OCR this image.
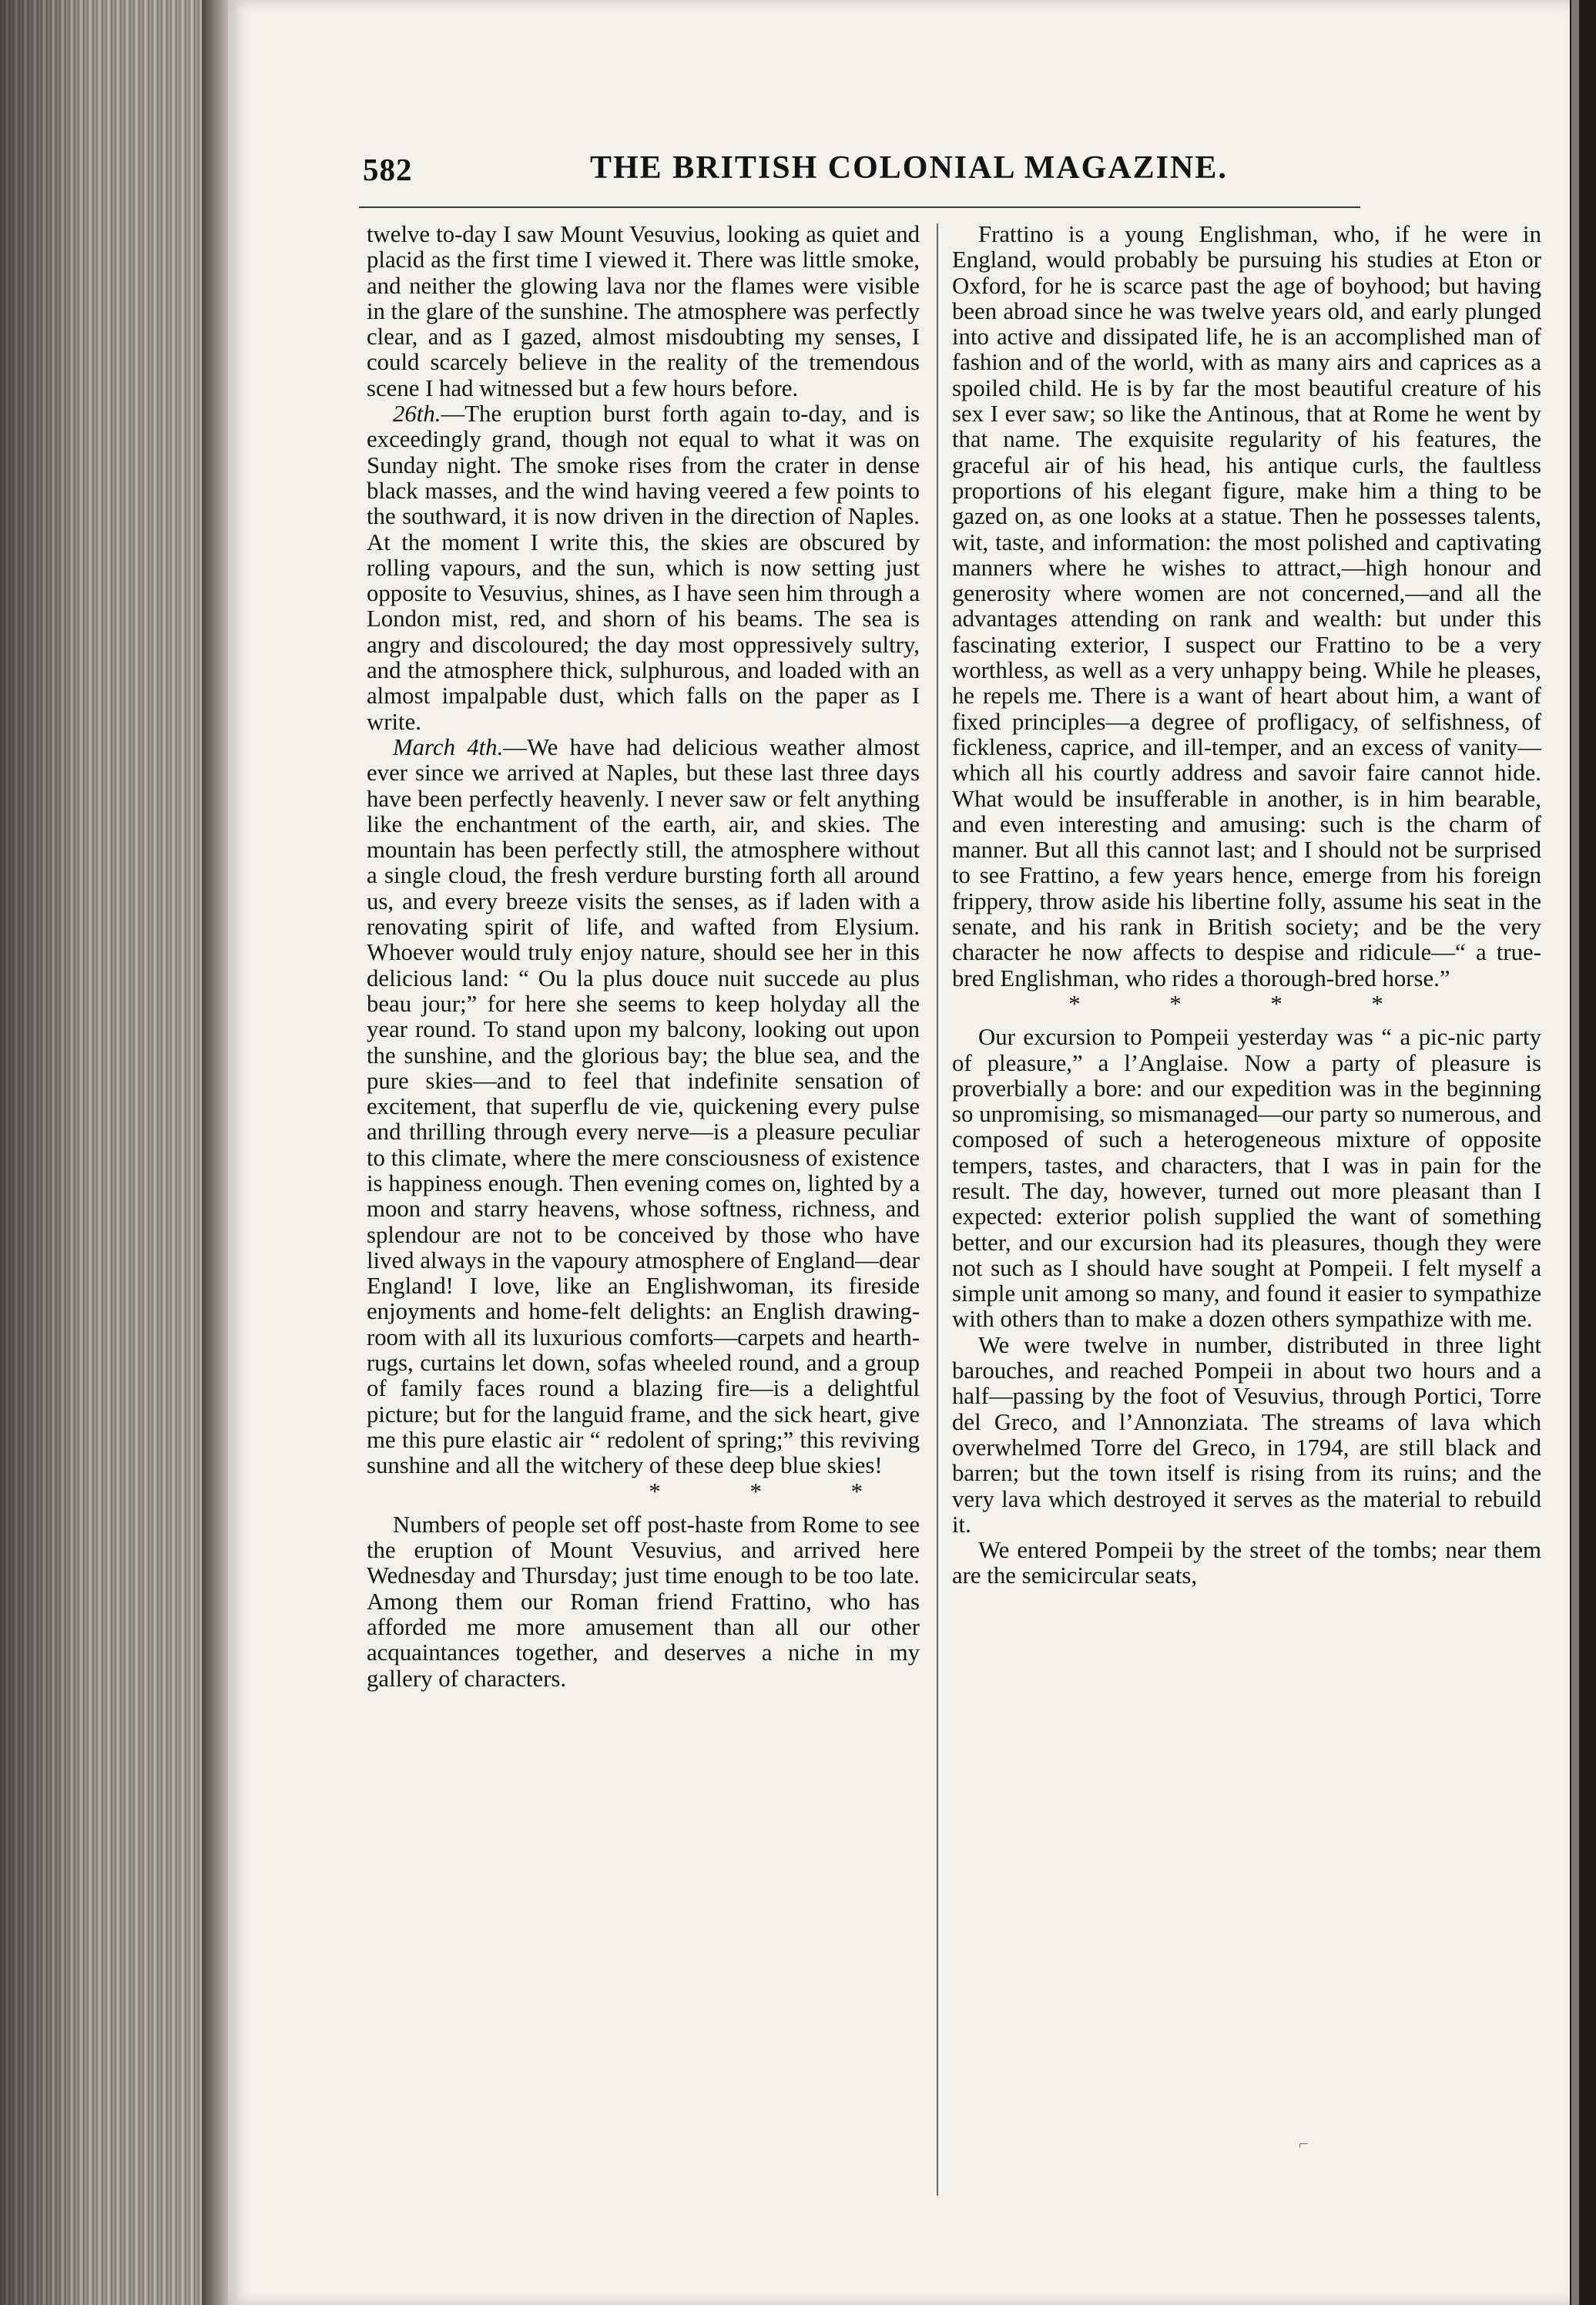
582	THE BRITISH COLONIAL MAGAZINE.

twelve to-day I saw Mount Vesuvius, looking as quiet and placid as the first time I viewed it. There was little smoke, and neither the glowing lava nor the flames were visible in the glare of the sunshine. The atmosphere was perfectly clear, and as I gazed, almost misdoubting my senses, I could scarcely believe in the reality of the tremendous scene I had witnessed but a few hours before.

26th.—The eruption burst forth again to-day, and is exceedingly grand, though not equal to what it was on Sunday night. The smoke rises from the crater in dense black masses, and the wind having veered a few points to the southward, it is now driven in the direction of Naples. At the moment I write this, the skies are obscured by rolling vapours, and the sun, which is now setting just opposite to Vesuvius, shines, as I have seen him through a London mist, red, and shorn of his beams. The sea is angry and discoloured; the day most oppressively sultry, and the atmosphere thick, sulphurous, and loaded with an almost impalpable dust, which falls on the paper as I write.

March 4th.—We have had delicious weather almost ever since we arrived at Naples, but these last three days have been perfectly heavenly. I never saw or felt anything like the enchantment of the earth, air, and skies. The mountain has been perfectly still, the atmosphere without a single cloud, the fresh verdure bursting forth all around us, and every breeze visits the senses, as if laden with a renovating spirit of life, and wafted from Elysium. Whoever would truly enjoy nature, should see her in this delicious land: “ Ou la plus douce nuit succede au plus beau jour;” for here she seems to keep holyday all the year round. To stand upon my balcony, looking out upon the sunshine, and the glorious bay; the blue sea, and the pure skies—and to feel that indefinite sensation of excitement, that superflu de vie, quickening every pulse and thrilling through every nerve—is a pleasure peculiar to this climate, where the mere consciousness of existence is happiness enough. Then evening comes on, lighted by a moon and starry heavens, whose softness, richness, and splendour are not to be conceived by those who have lived always in the vapoury atmosphere of England—dear England! I love, like an Englishwoman, its fireside enjoyments and home-felt delights: an English drawing-room with all its luxurious comforts—carpets and hearth-rugs, curtains let down, sofas wheeled round, and a group of family faces round a blazing fire—is a delightful picture; but for the languid frame, and the sick heart, give me this pure elastic air “ redolent of spring;” this reviving sunshine and all the witchery of these deep blue skies!

* * *

Numbers of people set off post-haste from Rome to see the eruption of Mount Vesuvius, and arrived here Wednesday and Thursday; just time enough to be too late. Among them our Roman friend Frattino, who has afforded me more amusement than all our other acquaintances together, and deserves a niche in my gallery of characters.

Frattino is a young Englishman, who, if he were in England, would probably be pursuing his studies at Eton or Oxford, for he is scarce past the age of boyhood; but having been abroad since he was twelve years old, and early plunged into active and dissipated life, he is an accomplished man of fashion and of the world, with as many airs and caprices as a spoiled child. He is by far the most beautiful creature of his sex I ever saw; so like the Antinous, that at Rome he went by that name. The exquisite regularity of his features, the graceful air of his head, his antique curls, the faultless proportions of his elegant figure, make him a thing to be gazed on, as one looks at a statue. Then he possesses talents, wit, taste, and information: the most polished and captivating manners where he wishes to attract,—high honour and generosity where women are not concerned,—and all the advantages attending on rank and wealth: but under this fascinating exterior, I suspect our Frattino to be a very worthless, as well as a very unhappy being. While he pleases, he repels me. There is a want of heart about him, a want of fixed principles—a degree of profligacy, of selfishness, of fickleness, caprice, and ill-temper, and an excess of vanity—which all his courtly address and savoir faire cannot hide. What would be insufferable in another, is in him bearable, and even interesting and amusing: such is the charm of manner. But all this cannot last; and I should not be surprised to see Frattino, a few years hence, emerge from his foreign frippery, throw aside his libertine folly, assume his seat in the senate, and his rank in British society; and be the very character he now affects to despise and ridicule—“ a true-bred Englishman, who rides a thorough-bred horse.”

* * * *

Our excursion to Pompeii yesterday was “ a pic-nic party of pleasure,” a l’Anglaise. Now a party of pleasure is proverbially a bore: and our expedition was in the beginning so unpromising, so mismanaged—our party so numerous, and composed of such a heterogeneous mixture of opposite tempers, tastes, and characters, that I was in pain for the result. The day, however, turned out more pleasant than I expected: exterior polish supplied the want of something better, and our excursion had its pleasures, though they were not such as I should have sought at Pompeii. I felt myself a simple unit among so many, and found it easier to sympathize with others than to make a dozen others sympathize with me.

We were twelve in number, distributed in three light barouches, and reached Pompeii in about two hours and a half—passing by the foot of Vesuvius, through Portici, Torre del Greco, and l’Annonziata. The streams of lava which overwhelmed Torre del Greco, in 1794, are still black and barren; but the town itself is rising from its ruins; and the very lava which destroyed it serves as the material to rebuild it.

We entered Pompeii by the street of the tombs; near them are the semicircular seats,

⌐
